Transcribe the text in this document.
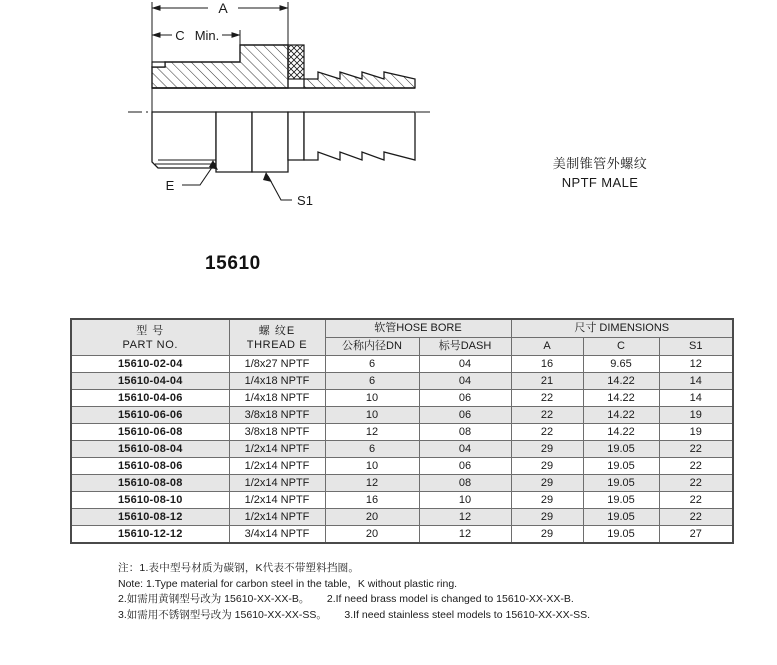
A
C Min.
E
S1
美制锥管外螺纹
NPTF MALE
15610
型 号
PART NO.	螺 纹E
THREAD E	软管HOSE BORE		尺寸 DIMENSIONS		
		公称内径DN	标号DASH	A	C	S1
15610-02-04	1/8x27 NPTF	6	04	16	9.65	12
15610-04-04	1/4x18 NPTF	6	04	21	14.22	14
15610-04-06	1/4x18 NPTF	10	06	22	14.22	14
15610-06-06	3/8x18 NPTF	10	06	22	14.22	19
15610-06-08	3/8x18 NPTF	12	08	22	14.22	19
15610-08-04	1/2x14 NPTF	6	04	29	19.05	22
15610-08-06	1/2x14 NPTF	10	06	29	19.05	22
15610-08-08	1/2x14 NPTF	12	08	29	19.05	22
15610-08-10	1/2x14 NPTF	16	10	29	19.05	22
15610-08-12	1/2x14 NPTF	20	12	29	19.05	22
15610-12-12	3/4x14 NPTF	20	12	29	19.05	27
注：1.表中型号材质为碳钢，K代表不带塑料挡圈。
Note: 1.Type material for carbon steel in the table，K without plastic ring.
2.如需用黄钢型号改为 15610-XX-XX-B。      2.If need brass model is changed to 15610-XX-XX-B.
3.如需用不锈钢型号改为 15610-XX-XX-SS。      3.If need stainless steel models to 15610-XX-XX-SS.
